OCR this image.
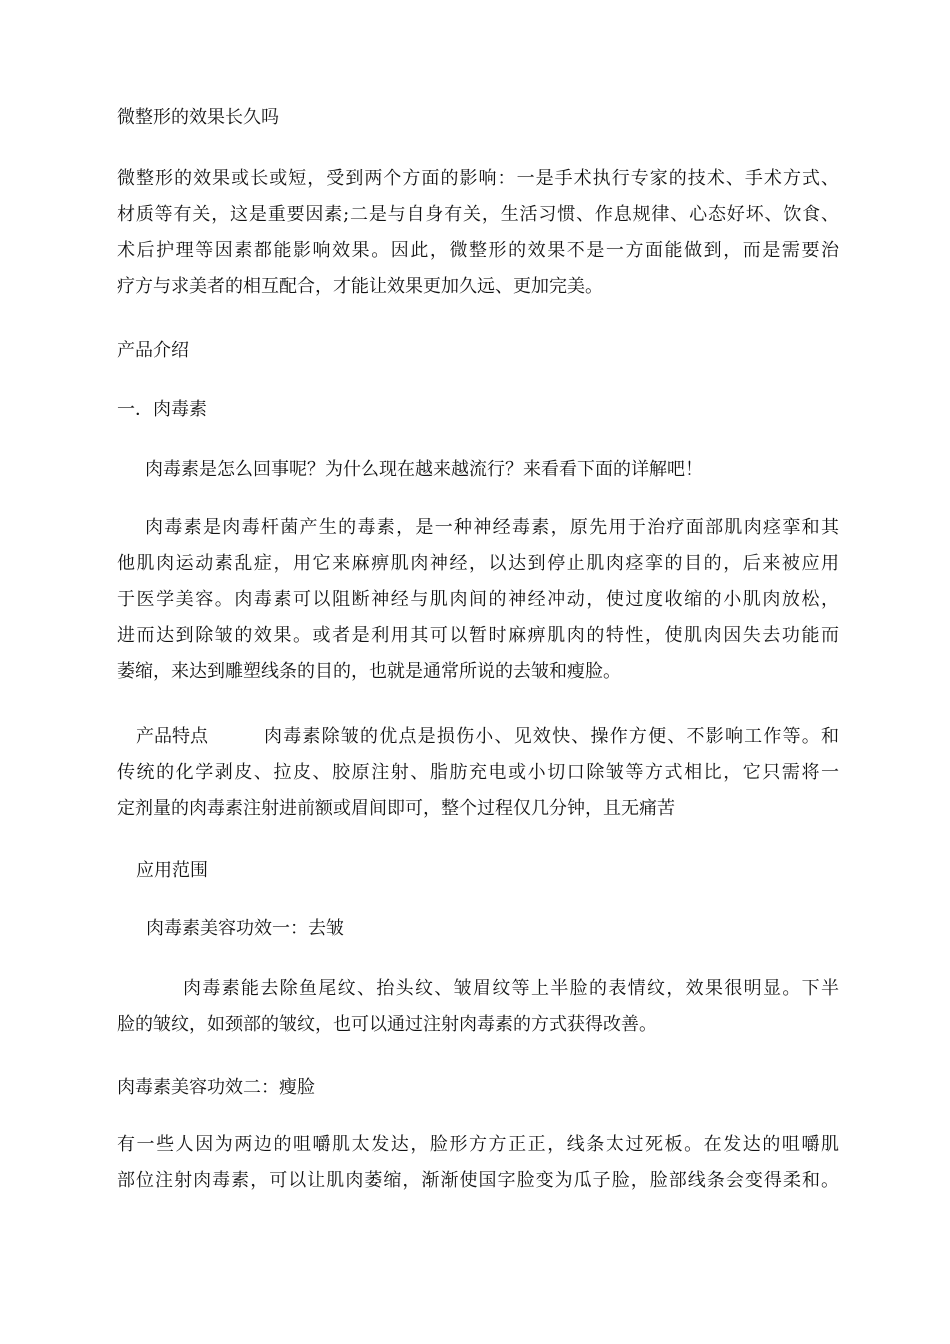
微整形的效果长久吗

微整形的效果或长或短，受到两个方面的影响：一是手术执行专家的技术、手术方式、
材质等有关，这是重要因素;二是与自身有关，生活习惯、作息规律、心态好坏、饮食、
术后护理等因素都能影响效果。因此，微整形的效果不是一方面能做到，而是需要治
疗方与求美者的相互配合，才能让效果更加久远、更加完美。

产品介绍

一．肉毒素

肉毒素是怎么回事呢？为什么现在越来越流行？来看看下面的详解吧！

肉毒素是肉毒杆菌产生的毒素，是一种神经毒素，原先用于治疗面部肌肉痉挛和其
他肌肉运动素乱症，用它来麻痹肌肉神经，以达到停止肌肉痉挛的目的，后来被应用
于医学美容。肉毒素可以阻断神经与肌肉间的神经冲动，使过度收缩的小肌肉放松，
进而达到除皱的效果。或者是利用其可以暂时麻痹肌肉的特性，使肌肉因失去功能而
萎缩，来达到雕塑线条的目的，也就是通常所说的去皱和瘦脸。

产品特点	肉毒素除皱的优点是损伤小、见效快、操作方便、不影响工作等。和
传统的化学剥皮、拉皮、胶原注射、脂肪充电或小切口除皱等方式相比，它只需将一
定剂量的肉毒素注射进前额或眉间即可，整个过程仅几分钟，且无痛苦

应用范围

肉毒素美容功效一：去皱

肉毒素能去除鱼尾纹、抬头纹、皱眉纹等上半脸的表情纹，效果很明显。下半
脸的皱纹，如颈部的皱纹，也可以通过注射肉毒素的方式获得改善。

肉毒素美容功效二：瘦脸

有一些人因为两边的咀嚼肌太发达，脸形方方正正，线条太过死板。在发达的咀嚼肌
部位注射肉毒素，可以让肌肉萎缩，渐渐使国字脸变为瓜子脸，脸部线条会变得柔和。
